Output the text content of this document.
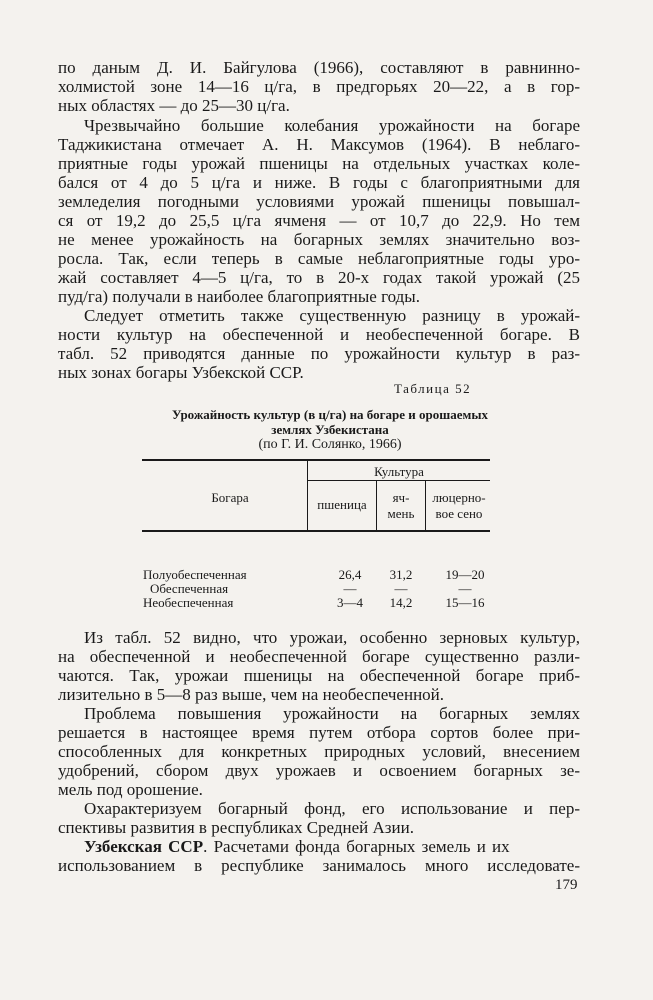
по даным Д. И. Байгулова (1966), составляют в равнинно-
холмистой зоне 14—16 ц/га, в предгорьях 20—22, а в гор-
ных областях — до 25—30 ц/га.
Чрезвычайно большие колебания урожайности на богаре
Таджикистана отмечает А. Н. Максумов (1964). В неблаго-
приятные годы урожай пшеницы на отдельных участках коле-
бался от 4 до 5 ц/га и ниже. В годы с благоприятными для
земледелия погодными условиями урожай пшеницы повышал-
ся от 19,2 до 25,5 ц/га ячменя — от 10,7 до 22,9. Но тем
не менее урожайность на богарных землях значительно воз-
росла. Так, если теперь в самые неблагоприятные годы уро-
жай составляет 4—5 ц/га, то в 20-х годах такой урожай (25
пуд/га) получали в наиболее благоприятные годы.
Следует отметить также существенную разницу в урожай-
ности культур на обеспеченной и необеспеченной богаре. В
табл. 52 приводятся данные по урожайности культур в раз-
ных зонах богары Узбекской ССР.
Таблица 52
Урожайность культур (в ц/га) на богаре и орошаемых
землях Узбекистана
(по Г. И. Солянко, 1966)
Богара
Культура
пшеница	яч-
мень
люцерно-
вое сено
Полуобеспеченная	26,4	31,2	19—20
Обеспеченная	—	—	—
Необеспеченная	3—4	14,2	15—16
Из табл. 52 видно, что урожаи, особенно зерновых культур,
на обеспеченной и необеспеченной богаре существенно разли-
чаются. Так, урожаи пшеницы на обеспеченной богаре приб-
лизительно в 5—8 раз выше, чем на необеспеченной.
Проблема повышения урожайности на богарных землях
решается в настоящее время путем отбора сортов более при-
способленных для конкретных природных условий, внесением
удобрений, сбором двух урожаев и освоением богарных зе-
мель под орошение.
Охарактеризуем богарный фонд, его использование и пер-
спективы развития в республиках Средней Азии.
Узбекская ССР. Расчетами фонда богарных земель и их
использованием в республике занималось много исследовате-
179
